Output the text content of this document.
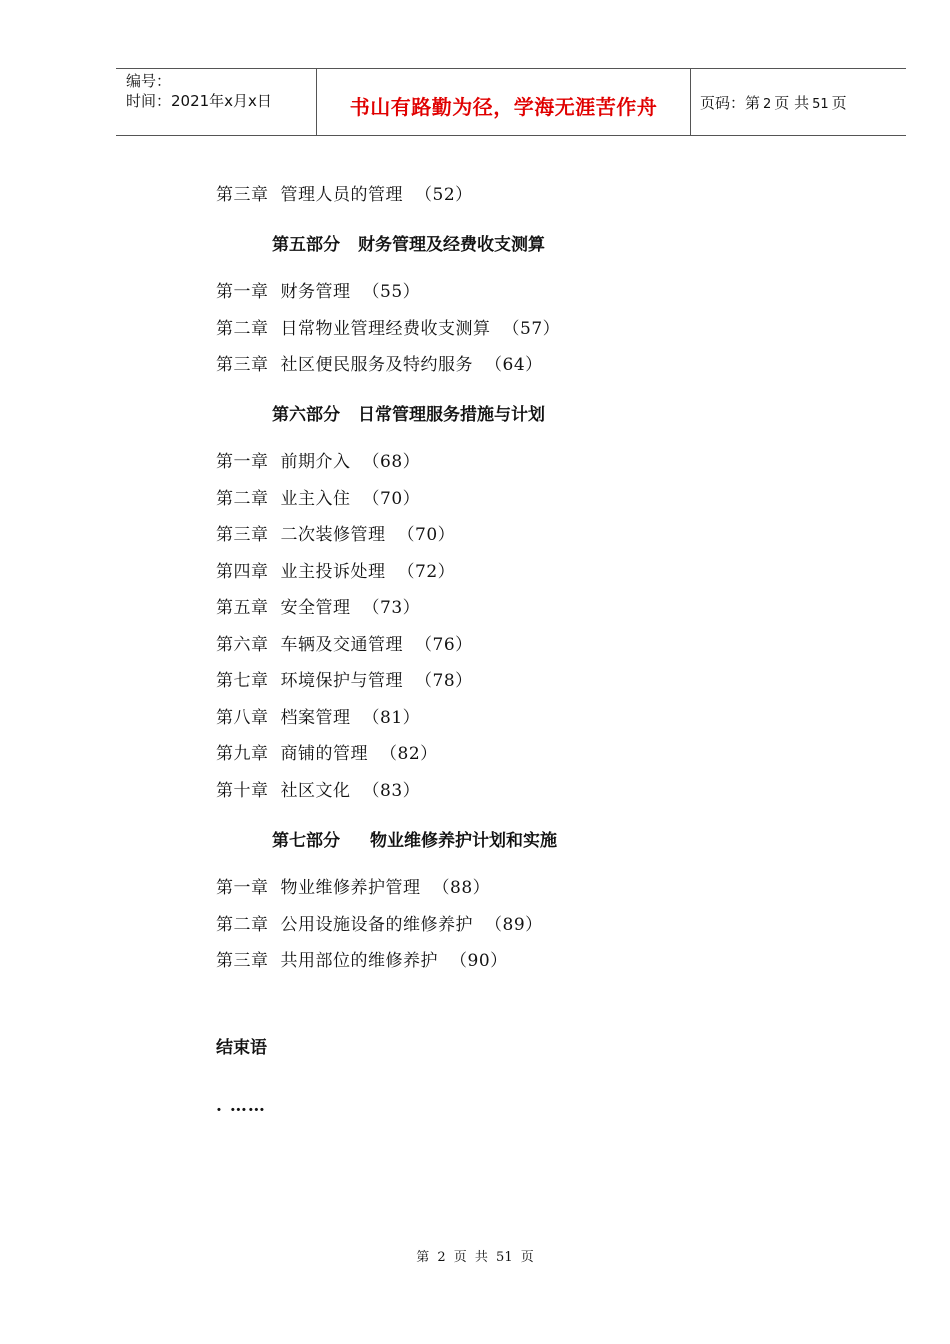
编号：
时间：2021年x月x日	书山有路勤为径，学海无涯苦作舟	页码：第 2 页 共 51 页
第三章 管理人员的管理 （52）
第五部分 财务管理及经费收支测算
第一章 财务管理 （55）
第二章 日常物业管理经费收支测算 （57）
第三章 社区便民服务及特约服务 （64）
第六部分 日常管理服务措施与计划
第一章 前期介入 （68）
第二章 业主入住 （70）
第三章 二次装修管理 （70）
第四章 业主投诉处理 （72）
第五章 安全管理 （73）
第六章 车辆及交通管理 （76）
第七章 环境保护与管理 （78）
第八章 档案管理 （81）
第九章 商铺的管理 （82）
第十章 社区文化 （83）
第七部分 物业维修养护计划和实施
第一章 物业维修养护管理 （88）
第二章 公用设施设备的维修养护 （89）
第三章 共用部位的维修养护 （90）
结束语
. ……
第 2 页 共 51 页
